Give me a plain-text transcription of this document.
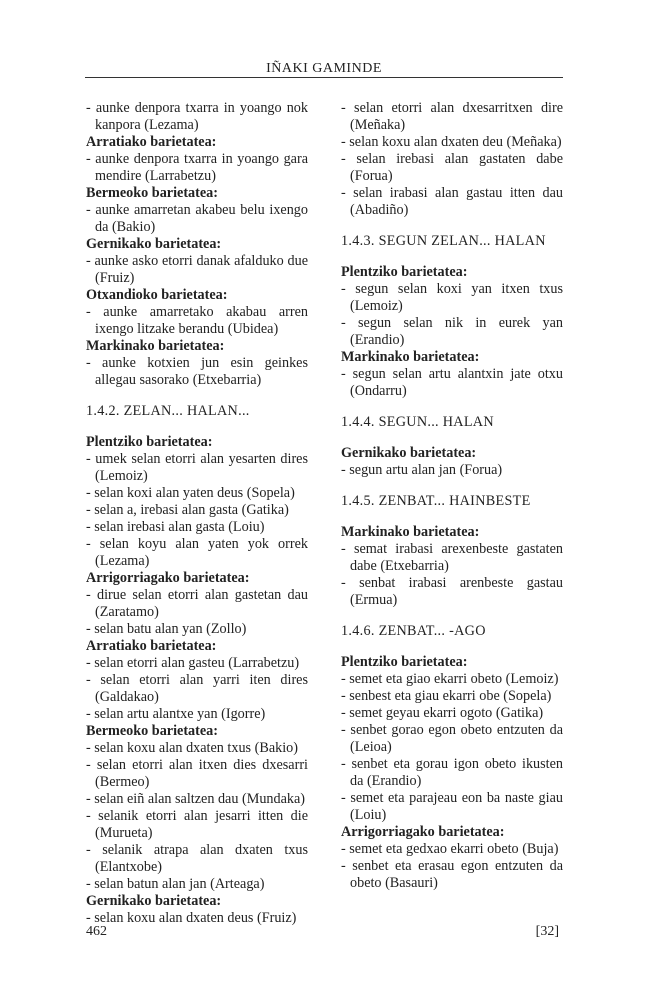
IÑAKI GAMINDE
- aunke denpora txarra in yoango nok kanpora (Lezama)
Arratiako barietatea:
- aunke denpora txarra in yoango gara mendire (Larrabetzu)
Bermeoko barietatea:
- aunke amarretan akabeu belu ixengo da (Bakio)
Gernikako barietatea:
- aunke asko etorri danak afalduko due (Fruiz)
Otxandioko barietatea:
- aunke amarretako akabau arren ixengo litzake berandu (Ubidea)
Markinako barietatea:
- aunke kotxien jun esin geinkes allegau sasorako (Etxebarria)
1.4.2. ZELAN... HALAN...
Plentziko barietatea:
- umek selan etorri alan yesarten dires (Lemoiz)
- selan koxi alan yaten deus (Sopela)
- selan a, irebasi alan gasta (Gatika)
- selan irebasi alan gasta (Loiu)
- selan koyu alan yaten yok orrek (Lezama)
Arrigorriagako barietatea:
- dirue selan etorri alan gastetan dau (Zaratamo)
- selan batu alan yan (Zollo)
Arratiako barietatea:
- selan etorri alan gasteu (Larrabetzu)
- selan etorri alan yarri iten dires (Galdakao)
- selan artu alantxe yan (Igorre)
Bermeoko barietatea:
- selan koxu alan dxaten txus (Bakio)
- selan etorri alan itxen dies dxesarri (Bermeo)
- selan eiñ alan saltzen dau (Mundaka)
- selanik etorri alan jesarri itten die (Murueta)
- selanik atrapa alan dxaten txus (Elantxobe)
- selan batun alan jan (Arteaga)
Gernikako barietatea:
- selan koxu alan dxaten deus (Fruiz)
- selan etorri alan dxesarritxen dire (Meñaka)
- selan koxu alan dxaten deu (Meñaka)
- selan irebasi alan gastaten dabe (Forua)
- selan irabasi alan gastau itten dau (Abadiño)
1.4.3. SEGUN ZELAN... HALAN
Plentziko barietatea:
- segun selan koxi yan itxen txus (Lemoiz)
- segun selan nik in eurek yan (Erandio)
Markinako barietatea:
- segun selan artu alantxin jate otxu (Ondarru)
1.4.4. SEGUN... HALAN
Gernikako barietatea:
- segun artu alan jan (Forua)
1.4.5. ZENBAT... HAINBESTE
Markinako barietatea:
- semat irabasi arexenbeste gastaten dabe (Etxebarria)
- senbat irabasi arenbeste gastau (Ermua)
1.4.6. ZENBAT... -AGO
Plentziko barietatea:
- semet eta giao ekarri obeto (Lemoiz)
- senbest eta giau ekarri obe (Sopela)
- semet geyau ekarri ogoto (Gatika)
- senbet gorao egon obeto entzuten da (Leioa)
- senbet eta gorau igon obeto ikusten da (Erandio)
- semet eta parajeau eon ba naste giau (Loiu)
Arrigorriagako barietatea:
- semet eta gedxao ekarri obeto (Buja)
- senbet eta erasau egon entzuten da obeto (Basauri)
462	[32]
